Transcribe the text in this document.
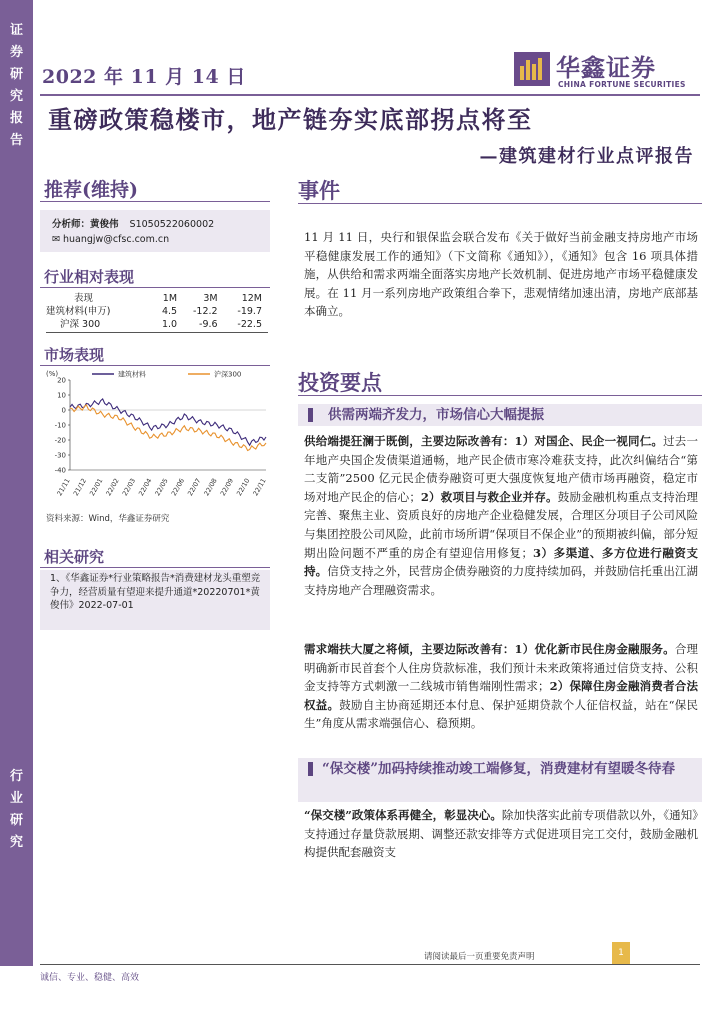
证
券
研
究
报
告
行
业
研
究
2022 年 11 月 14 日	华鑫证券
CHINA FORTUNE SECURITIES
重磅政策稳楼市，地产链夯实底部拐点将至
—建筑建材行业点评报告
推荐(维持)
分析师：黄俊伟 S1050522060002
✉ huangjw@cfsc.com.cn
行业相对表现
表现	1M	3M	12M
建筑材料(申万)	4.5	-12.2	-19.7
沪深 300	1.0	-9.6	-22.5
市场表现
(%)
20
10
0
-10
-20
-30
-40
21/11 21/12 22/01 22/02 22/03 22/04 22/05 22/06 22/07 22/08 22/09 22/10 22/11
建筑材料	沪深300
资料来源：Wind，华鑫证券研究
相关研究
1、《华鑫证券*行业策略报告*消费建材龙头重塑竞争力，经营质量有望迎来提升通道*20220701*黄俊伟》2022-07-01
事件
11 月 11 日，央行和银保监会联合发布《关于做好当前金融支持房地产市场平稳健康发展工作的通知》（下文简称《通知》），《通知》包含 16 项具体措施，从供给和需求两端全面落实房地产长效机制、促进房地产市场平稳健康发展。在 11 月一系列房地产政策组合拳下，悲观情绪加速出清，房地产底部基本确立。
投资要点
供需两端齐发力，市场信心大幅提振
供给端提狂澜于既倒，主要边际改善有：1）对国企、民企一视同仁。过去一年地产央国企发债渠道通畅，地产民企债市寒冷难获支持，此次纠偏结合“第二支箭”2500 亿元民企债券融资可更大强度恢复地产债市场再融资，稳定市场对地产民企的信心；2）救项目与救企业并存。鼓励金融机构重点支持治理完善、聚焦主业、资质良好的房地产企业稳健发展，合理区分项目子公司风险与集团控股公司风险，此前市场所谓“保项目不保企业”的预期被纠偏，部分短期出险问题不严重的房企有望迎信用修复；3）多渠道、多方位进行融资支持。信贷支持之外，民营房企债券融资的力度持续加码，并鼓励信托重出江湖支持房地产合理融资需求。
需求端扶大厦之将倾，主要边际改善有：1）优化新市民住房金融服务。合理明确新市民首套个人住房贷款标准，我们预计未来政策将通过信贷支持、公积金支持等方式刺激一二线城市销售端刚性需求；2）保障住房金融消费者合法权益。鼓励自主协商延期还本付息、保护延期贷款个人征信权益，站在“保民生”角度从需求端强信心、稳预期。
“保交楼”加码持续推动竣工端修复，消费建材有望暖冬待春
“保交楼”政策体系再健全，彰显决心。除加快落实此前专项借款以外，《通知》支持通过存量贷款展期、调整还款安排等方式促进项目完工交付，鼓励金融机构提供配套融资支
请阅读最后一页重要免责声明	1
诚信、专业、稳健、高效
